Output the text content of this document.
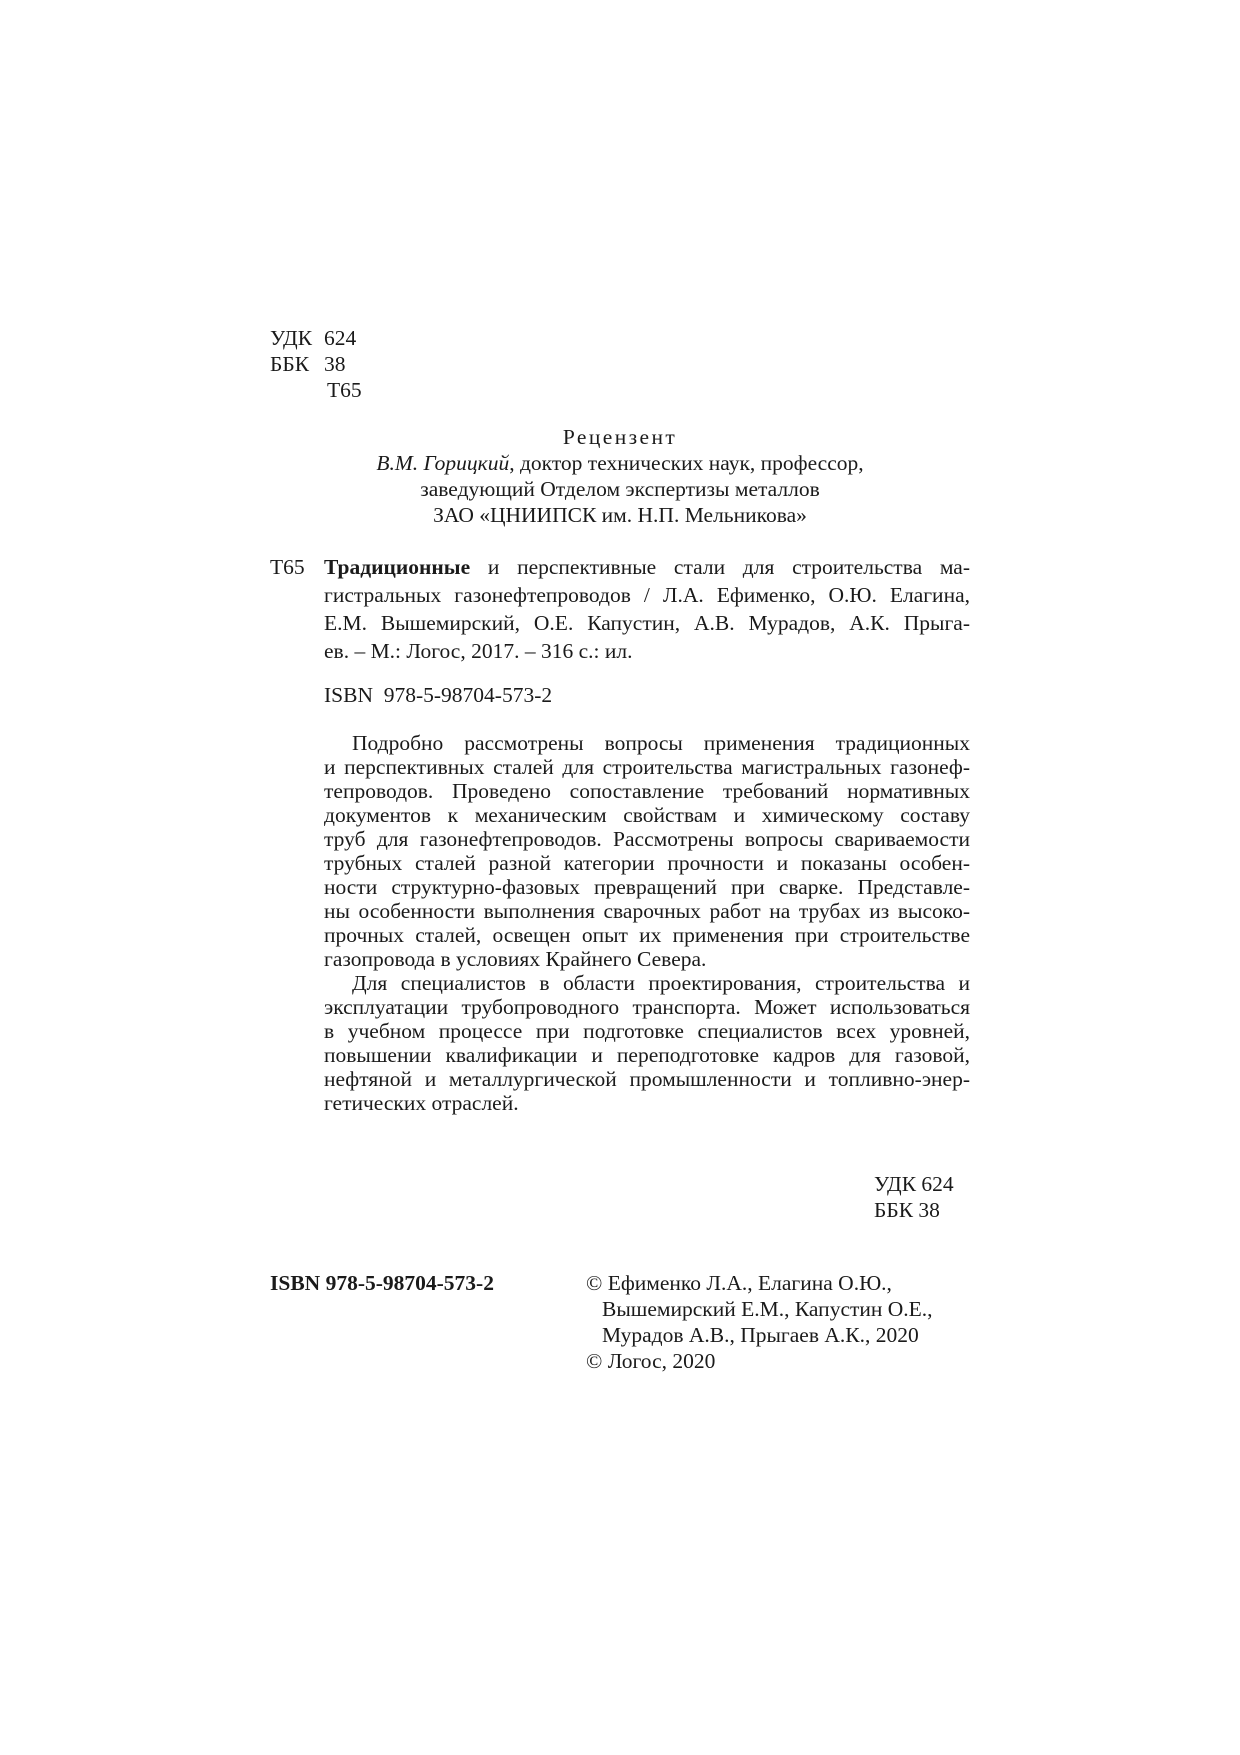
УДК 624
ББК 38
Т65
Рецензент
В.М. Горицкий, доктор технических наук, профессор,
заведующий Отделом экспертизы металлов
ЗАО «ЦНИИПСК им. Н.П. Мельникова»
Т65 Традиционные и перспективные стали для строительства ма-
гистральных газонефтепроводов / Л.А. Ефименко, О.Ю. Елагина,
Е.М. Вышемирский, О.Е. Капустин, А.В. Мурадов, А.К. Прыга-
ев. – М.: Логос, 2017. – 316 с.: ил.
ISBN  978-5-98704-573-2
Подробно рассмотрены вопросы применения традиционных
и перспективных сталей для строительства магистральных газонеф-
тепроводов. Проведено сопоставление требований нормативных
документов к механическим свойствам и химическому составу
труб для газонефтепроводов. Рассмотрены вопросы свариваемости
трубных сталей разной категории прочности и показаны особен-
ности структурно-фазовых превращений при сварке. Представле-
ны особенности выполнения сварочных работ на трубах из высоко-
прочных сталей, освещен опыт их применения при строительстве
газопровода в условиях Крайнего Севера.
Для специалистов в области проектирования, строительства и
эксплуатации трубопроводного транспорта. Может использоваться
в учебном процессе при подготовке специалистов всех уровней,
повышении квалификации и переподготовке кадров для газовой,
нефтяной и металлургической промышленности и топливно-энер-
гетических отраслей.
УДК 624
ББК 38
ISBN 978-5-98704-573-2	© Ефименко Л.А., Елагина О.Ю.,
Вышемирский Е.М., Капустин О.Е.,
Мурадов А.В., Прыгаев А.К., 2020
© Логос, 2020
